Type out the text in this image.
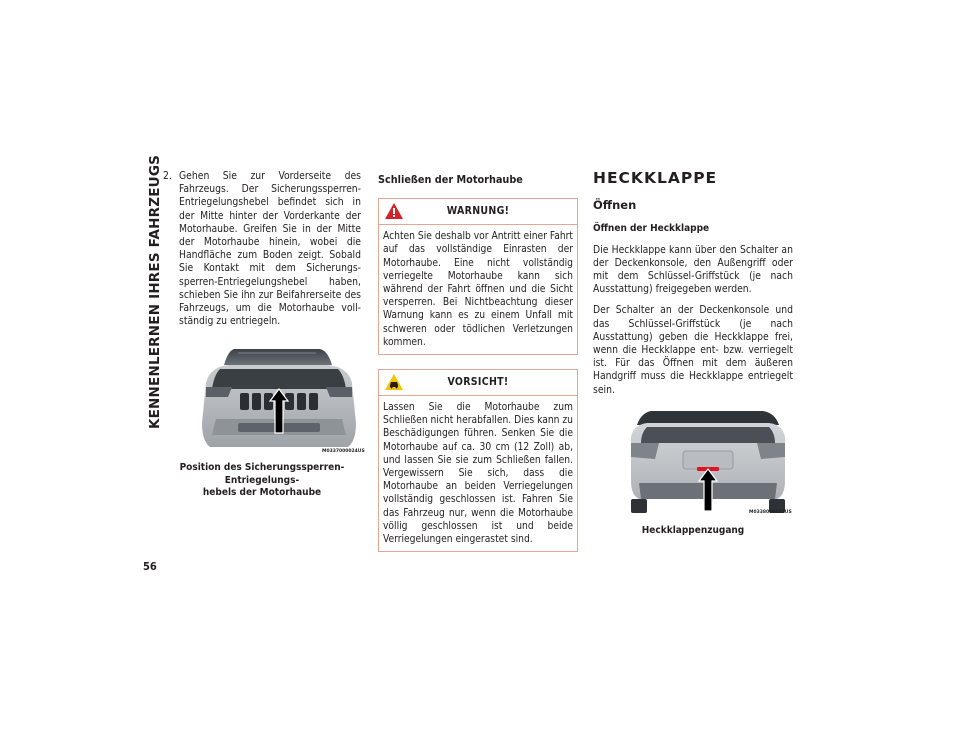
KENNENLERNEN IHRES FAHRZEUGS
56
2. Gehen Sie zur Vorderseite des Fahrzeugs. Der Sicherungssperren-Entriegelungshebel befindet sich in der Mitte hinter der Vorderkante der Motorhaube. Greifen Sie in der Mitte der Motorhaube hinein, wobei die Handfläche zum Boden zeigt. Sobald Sie Kontakt mit dem Sicherungssperren-Entriegelungshebel haben, schieben Sie ihn zur Beifahrerseite des Fahrzeugs, um die Motorhaube vollständig zu entriegeln.
M0337000024US
Position des Sicherungssperren-Entriegelungs-
hebels der Motorhaube
Schließen der Motorhaube
WARNUNG!
Achten Sie deshalb vor Antritt einer Fahrt auf das vollständige Einrasten der Motorhaube. Eine nicht vollständig verriegelte Motorhaube kann sich während der Fahrt öffnen und die Sicht versperren. Bei Nichtbeachtung dieser Warnung kann es zu einem Unfall mit schweren oder tödlichen Verletzungen kommen.
VORSICHT!
Lassen Sie die Motorhaube zum Schließen nicht herabfallen. Dies kann zu Beschädigungen führen. Senken Sie die Motorhaube auf ca. 30 cm (12 Zoll) ab, und lassen Sie sie zum Schließen fallen. Vergewissern Sie sich, dass die Motorhaube an beiden Verriegelungen vollständig geschlossen ist. Fahren Sie das Fahrzeug nur, wenn die Motorhaube völlig geschlossen ist und beide Verriegelungen eingerastet sind.
HECKKLAPPE
Öffnen
Öffnen der Heckklappe
Die Heckklappe kann über den Schalter an der Deckenkonsole, den Außengriff oder mit dem Schlüssel-Griffstück (je nach Ausstattung) freigegeben werden.
Der Schalter an der Deckenkonsole und das Schlüssel-Griffstück (je nach Ausstattung) geben die Heckklappe frei, wenn die Heckklappe ent- bzw. verriegelt ist. Für das Öffnen mit dem äußeren Handgriff muss die Heckklappe entriegelt sein.
M0338000052US
Heckklappenzugang
